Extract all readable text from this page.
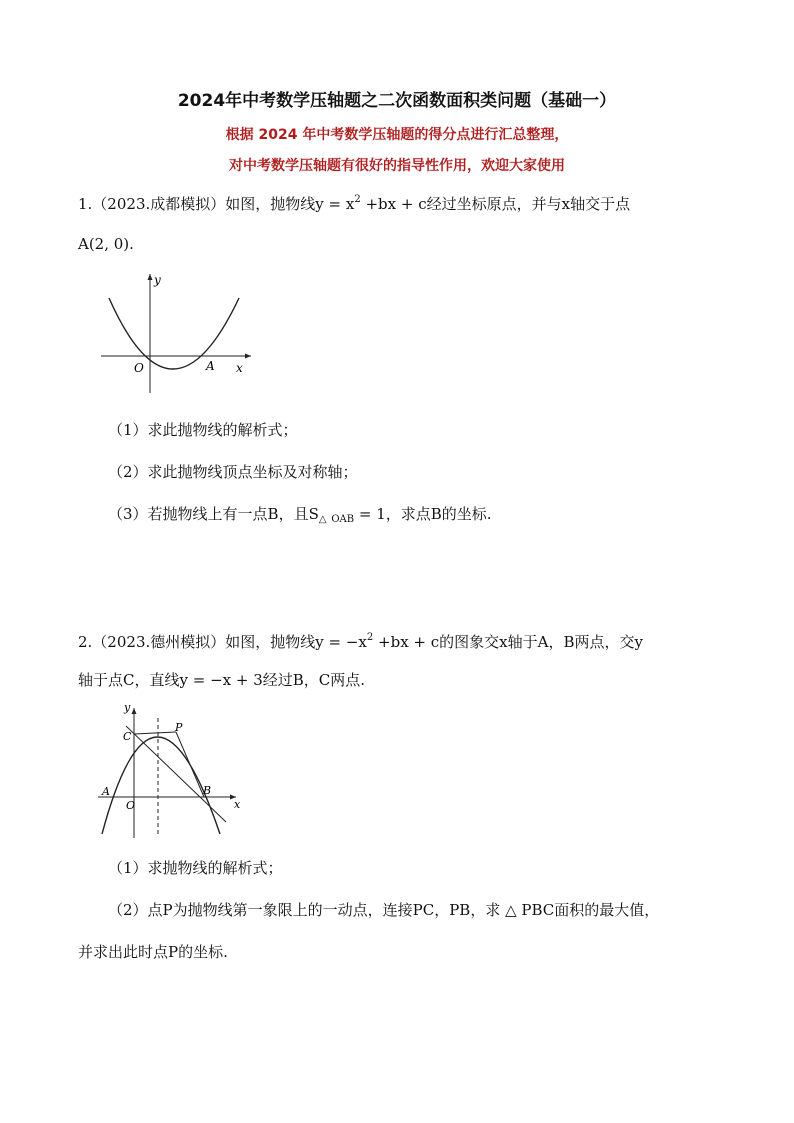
2024年中考数学压轴题之二次函数面积类问题（基础一）
根据 2024 年中考数学压轴题的得分点进行汇总整理，
对中考数学压轴题有很好的指导性作用，欢迎大家使用
1.（2023.成都模拟）如图，抛物线$y = x^2 +bx + c$经过坐标原点，并与x轴交于点
A(2, 0).
y
x
O	A
（1）求此抛物线的解析式；
（2）求此抛物线顶点坐标及对称轴；
（3）若抛物线上有一点B，且$S_\triangle$ $_{OAB}$ = 1，求点B的坐标.
2.（2023.德州模拟）如图，抛物线$y = -x^2 +bx + c$的图象交x轴于A，B两点，交y
轴于点C，直线y = −x + 3经过B，C两点.
y
x
O
A	B
C
P
（1）求抛物线的解析式；
（2）点P为抛物线第一象限上的一动点，连接PC，PB，求 △ PBC面积的最大值，
并求出此时点P的坐标.
